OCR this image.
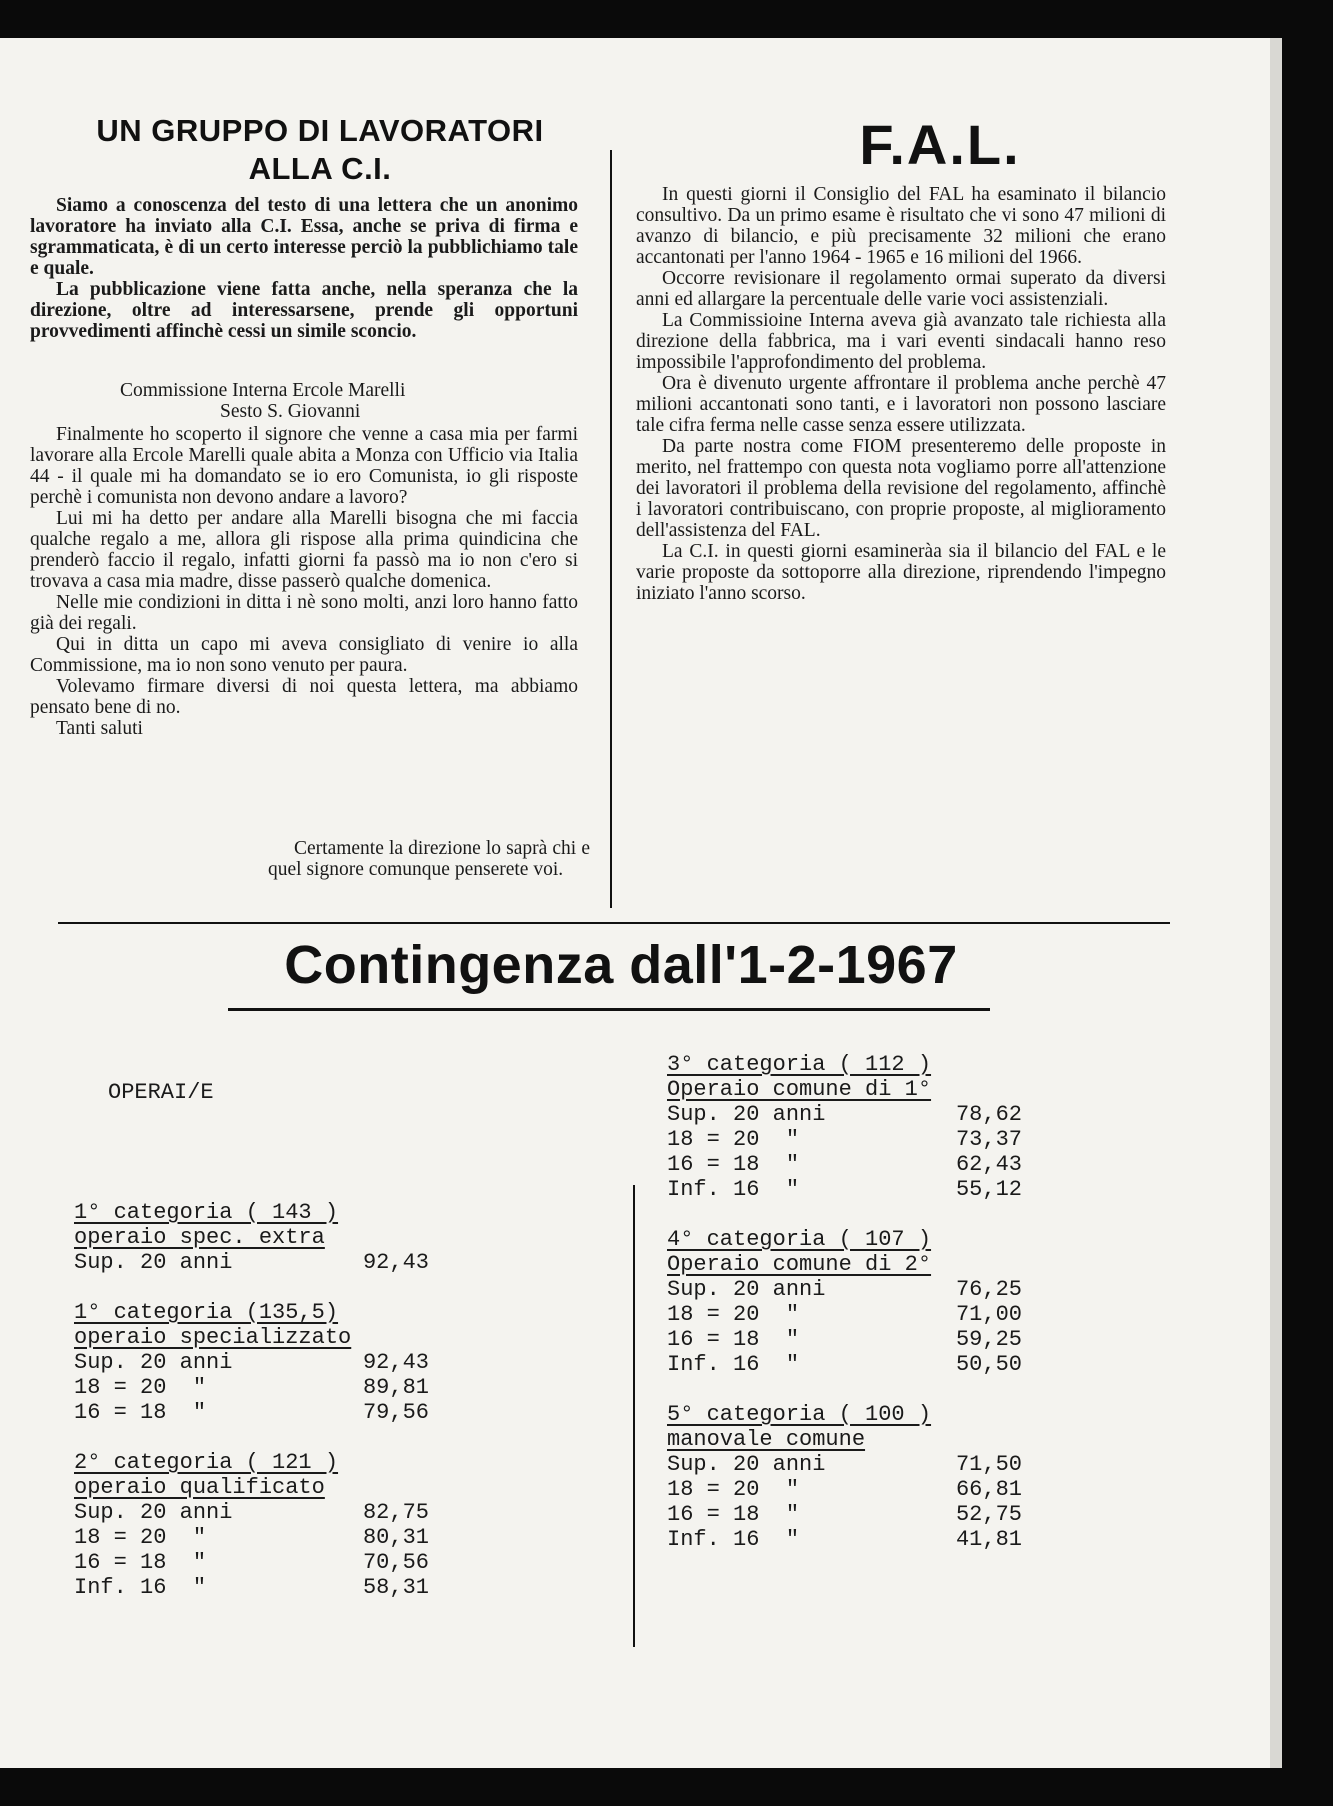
UN GRUPPO DI LAVORATORI
ALLA C.I.

Siamo a conoscenza del testo di una lettera che un anonimo lavoratore ha inviato alla C.I. Essa, anche se priva di firma e sgrammaticata, è di un certo interesse perciò la pubblichiamo tale e quale.

La pubblicazione viene fatta anche, nella speranza che la direzione, oltre ad interessarsene, prende gli opportuni provvedimenti affinchè cessi un simile sconcio.

Commissione Interna Ercole Marelli
Sesto S. Giovanni

Finalmente ho scoperto il signore che venne a casa mia per farmi lavorare alla Ercole Marelli quale abita a Monza con Ufficio via Italia 44 - il quale mi ha domandato se io ero Comunista, io gli risposte perchè i comunista non devono andare a lavoro?

Lui mi ha detto per andare alla Marelli bisogna che mi faccia qualche regalo a me, allora gli rispose alla prima quindicina che prenderò faccio il regalo, infatti giorni fa passò ma io non c'ero si trovava a casa mia madre, disse passerò qualche domenica.

Nelle mie condizioni in ditta i nè sono molti, anzi loro hanno fatto già dei regali.

Qui in ditta un capo mi aveva consigliato di venire io alla Commissione, ma io non sono venuto per paura.

Volevamo firmare diversi di noi questa lettera, ma abbiamo pensato bene di no.

Tanti saluti

Certamente la direzione lo saprà chi e quel signore comunque penserete voi.

F.A.L.

In questi giorni il Consiglio del FAL ha esaminato il bilancio consultivo. Da un primo esame è risultato che vi sono 47 milioni di avanzo di bilancio, e più precisamente 32 milioni che erano accantonati per l'anno 1964 - 1965 e 16 milioni del 1966.

Occorre revisionare il regolamento ormai superato da diversi anni ed allargare la percentuale delle varie voci assistenziali.

La Commissioine Interna aveva già avanzato tale richiesta alla direzione della fabbrica, ma i vari eventi sindacali hanno reso impossibile l'approfondimento del problema.

Ora è divenuto urgente affrontare il problema anche perchè 47 milioni accantonati sono tanti, e i lavoratori non possono lasciare tale cifra ferma nelle casse senza essere utilizzata.

Da parte nostra come FIOM presenteremo delle proposte in merito, nel frattempo con questa nota vogliamo porre all'attenzione dei lavoratori il problema della revisione del regolamento, affinchè i lavoratori contribuiscano, con proprie proposte, al miglioramento dell'assistenza del FAL.

La C.I. in questi giorni esamineràa sia il bilancio del FAL e le varie proposte da sottoporre alla direzione, riprendendo l'impegno iniziato l'anno scorso.

Contingenza dall'1-2-1967
OPERAI/E
1° categoria ( 143 )
operaio spec. extra
Sup. 20 anni	92,43
1° categoria (135,5)
operaio specializzato
Sup. 20 anni	92,43
18 = 20  "	89,81
16 = 18  "	79,56
2° categoria ( 121 )
operaio qualificato
Sup. 20 anni	82,75
18 = 20  "	80,31
16 = 18  "	70,56
Inf. 16  "	58,31
3° categoria ( 112 )
Operaio comune di 1°
Sup. 20 anni	78,62
18 = 20  "	73,37
16 = 18  "	62,43
Inf. 16  "	55,12
4° categoria ( 107 )
Operaio comune di 2°
Sup. 20 anni	76,25
18 = 20  "	71,00
16 = 18  "	59,25
Inf. 16  "	50,50
5° categoria ( 100 )
manovale comune
Sup. 20 anni	71,50
18 = 20  "	66,81
16 = 18  "	52,75
Inf. 16  "	41,81
